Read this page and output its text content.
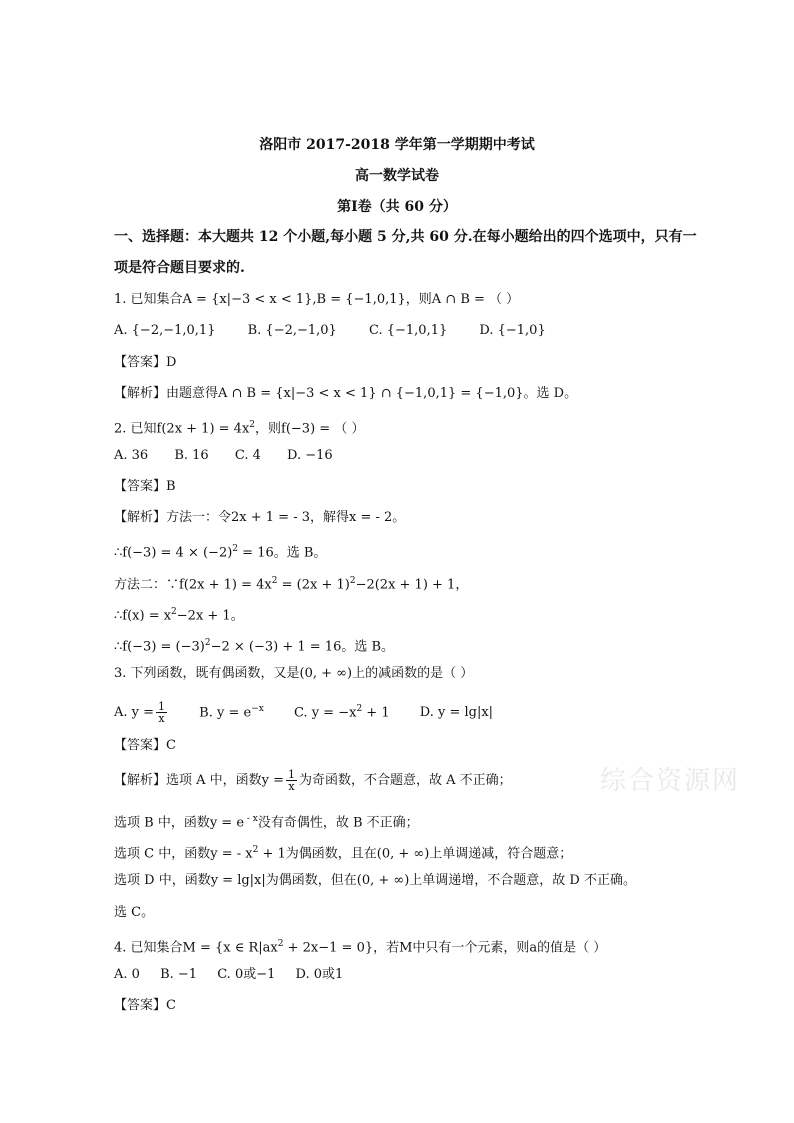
洛阳市 2017-2018 学年第一学期期中考试
高一数学试卷
第Ⅰ卷（共 60 分）
一、选择题：本大题共 12 个小题,每小题 5 分,共 60 分.在每小题给出的四个选项中，只有一
项是符合题目要求的.
1. 已知集合A = {x|−3 < x < 1},B = {−1,0,1}，则A ∩ B = （ ）
A. {−2,−1,0,1} B. {−2,−1,0} C. {−1,0,1} D. {−1,0}
【答案】D
【解析】由题意得A ∩ B = {x|−3 < x < 1} ∩ {−1,0,1} = {−1,0}。选 D。
2. 已知$f(2x + 1) = 4x^2$，则f(−3) = （ ）
A. 36 B. 16 C. 4 D. −16
【答案】B
【解析】方法一：令2x + 1 = - 3，解得x = - 2。
∴f(−3) = $4 \times (-2)^2 = 16$。选 B。
方法二：∵f(2x + $1) = 4x^2 = (2x + 1)^2-2(2x + 1) + 1$，
∴f(x) = $x^2-2x + 1$。
∴f(−3) = $(-3)^2-2 \times (-3) + 1 = 16$。选 B。
3. 下列函数，既有偶函数，又是(0, + ∞)上的减函数的是（ ）
A. $y = \frac{1}{x} B$. $y = e^{-x}$ C. $y = -x^2 + 1$ D. y = lg|x|
【答案】C
【解析】选项 A 中，函数$y = \frac{1}{x}$ 为奇函数，不合题意，故 A 不正确；
选项 B 中，函数y = e $^{- x}$没有奇偶性，故 B 不正确；
选项 C 中，函数y = - $x^2 + 1$为偶函数，且在(0, + ∞)上单调递减，符合题意；
选项 D 中，函数y = lg|x|为偶函数，但在(0, + ∞)上单调递增，不合题意，故 D 不正确。
选 C。
4. 已知集合M = {x ∈ $R|ax^2 + 2x-1 = 0$}，若M中只有一个元素，则a的值是（ ）
A. 0 B. −1 C. 0或−1 D. 0或1
【答案】C
综合资源网
